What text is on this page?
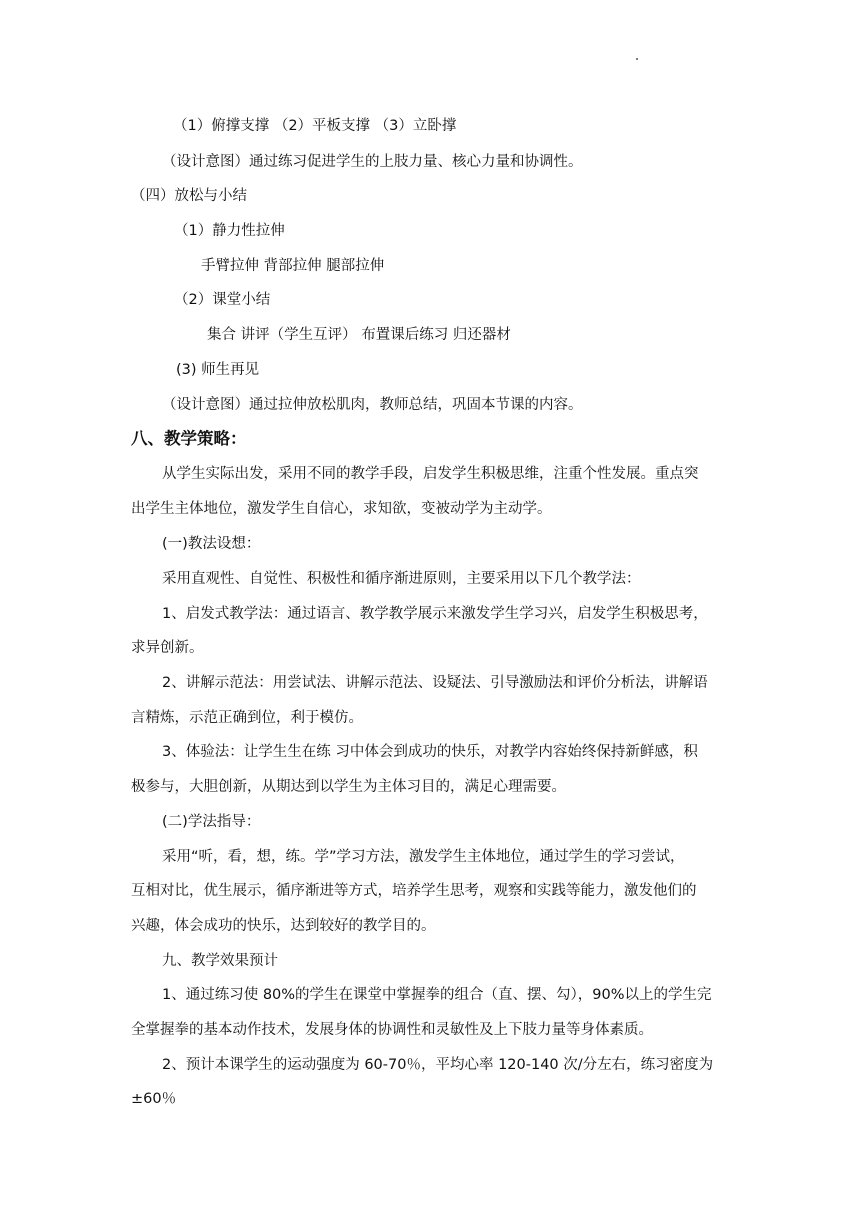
（1）俯撑支撑 （2）平板支撑 （3）立卧撑
（设计意图）通过练习促进学生的上肢力量、核心力量和协调性。
（四）放松与小结
（1）静力性拉伸
手臂拉伸 背部拉伸 腿部拉伸
（2）课堂小结
集合 讲评（学生互评） 布置课后练习 归还器材
(3) 师生再见
（设计意图）通过拉伸放松肌肉，教师总结，巩固本节课的内容。
八、教学策略：
从学生实际出发，采用不同的教学手段，启发学生积极思维，注重个性发展。重点突
出学生主体地位，激发学生自信心，求知欲，变被动学为主动学。
(一)教法设想：
采用直观性、自觉性、积极性和循序渐进原则，主要采用以下几个教学法：
1、启发式教学法：通过语言、教学教学展示来激发学生学习兴，启发学生积极思考，
求异创新。
2、讲解示范法：用尝试法、讲解示范法、设疑法、引导激励法和评价分析法，讲解语
言精炼，示范正确到位，利于模仿。
3、体验法：让学生生在练 习中体会到成功的快乐，对教学内容始终保持新鲜感，积
极参与，大胆创新，从期达到以学生为主体习目的，满足心理需要。
(二)学法指导：
采用“听，看，想，练。学”学习方法，激发学生主体地位，通过学生的学习尝试，
互相对比，优生展示，循序渐进等方式，培养学生思考，观察和实践等能力，激发他们的
兴趣，体会成功的快乐，达到较好的教学目的。
九、教学效果预计
1、通过练习使 80%的学生在课堂中掌握拳的组合（直、摆、勾），90%以上的学生完
全掌握拳的基本动作技术，发展身体的协调性和灵敏性及上下肢力量等身体素质。
2、预计本课学生的运动强度为 60-70％，平均心率 120-140 次/分左右，练习密度为
±60％
